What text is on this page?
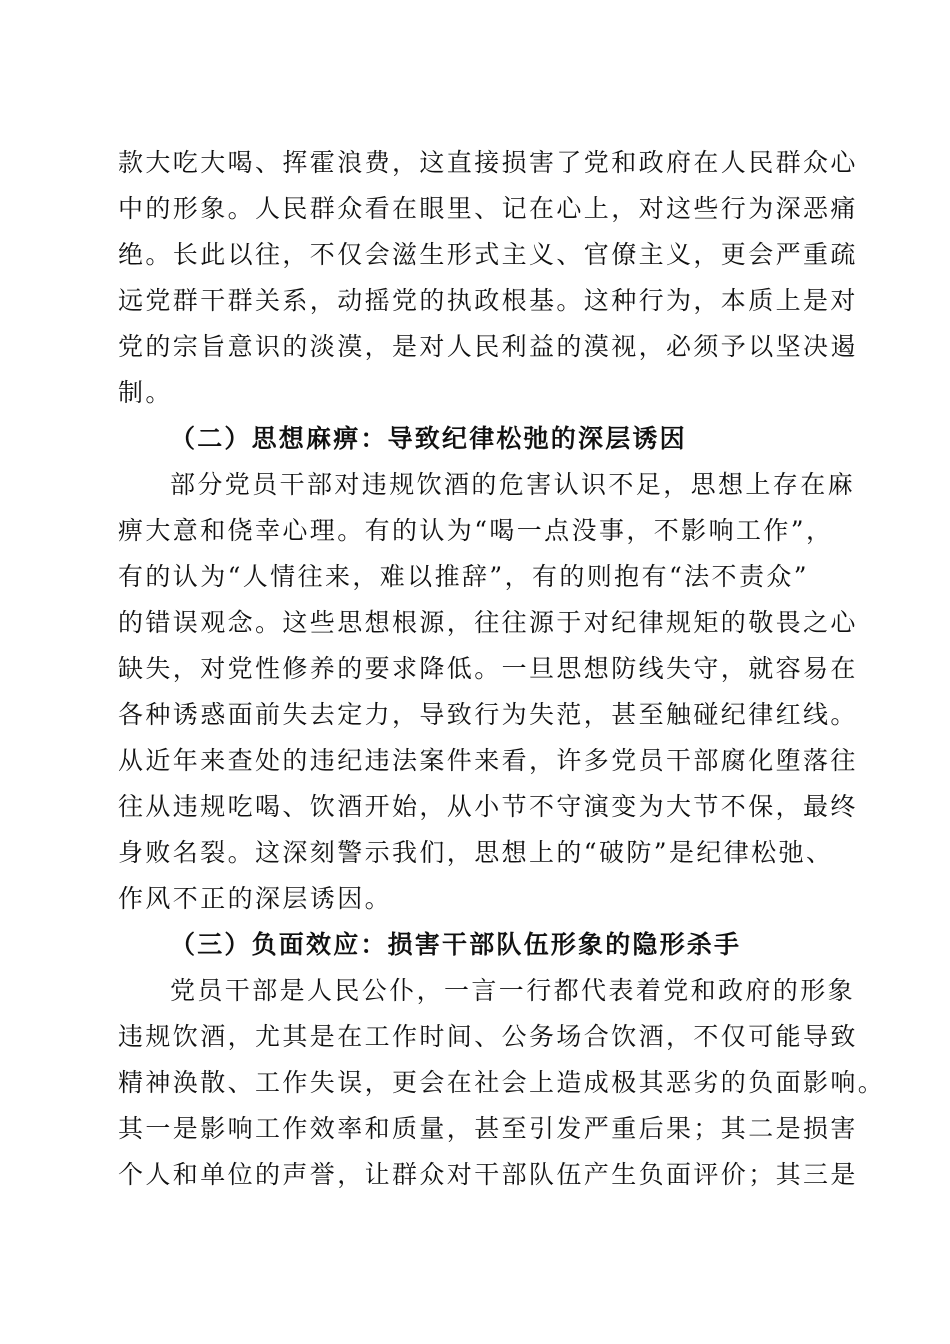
款大吃大喝、挥霍浪费，这直接损害了党和政府在人民群众心
中的形象。人民群众看在眼里、记在心上，对这些行为深恶痛
绝。长此以往，不仅会滋生形式主义、官僚主义，更会严重疏
远党群干群关系，动摇党的执政根基。这种行为，本质上是对
党的宗旨意识的淡漠，是对人民利益的漠视，必须予以坚决遏
制。
（二）思想麻痹：导致纪律松弛的深层诱因
部分党员干部对违规饮酒的危害认识不足，思想上存在麻
痹大意和侥幸心理。有的认为“喝一点没事，不影响工作”，
有的认为“人情往来，难以推辞”，有的则抱有“法不责众”
的错误观念。这些思想根源，往往源于对纪律规矩的敬畏之心
缺失，对党性修养的要求降低。一旦思想防线失守，就容易在
各种诱惑面前失去定力，导致行为失范，甚至触碰纪律红线。
从近年来查处的违纪违法案件来看，许多党员干部腐化堕落往
往从违规吃喝、饮酒开始，从小节不守演变为大节不保，最终
身败名裂。这深刻警示我们，思想上的“破防”是纪律松弛、
作风不正的深层诱因。
（三）负面效应：损害干部队伍形象的隐形杀手
党员干部是人民公仆，一言一行都代表着党和政府的形象
违规饮酒，尤其是在工作时间、公务场合饮酒，不仅可能导致
精神涣散、工作失误，更会在社会上造成极其恶劣的负面影响。
其一是影响工作效率和质量，甚至引发严重后果；其二是损害
个人和单位的声誉，让群众对干部队伍产生负面评价；其三是
